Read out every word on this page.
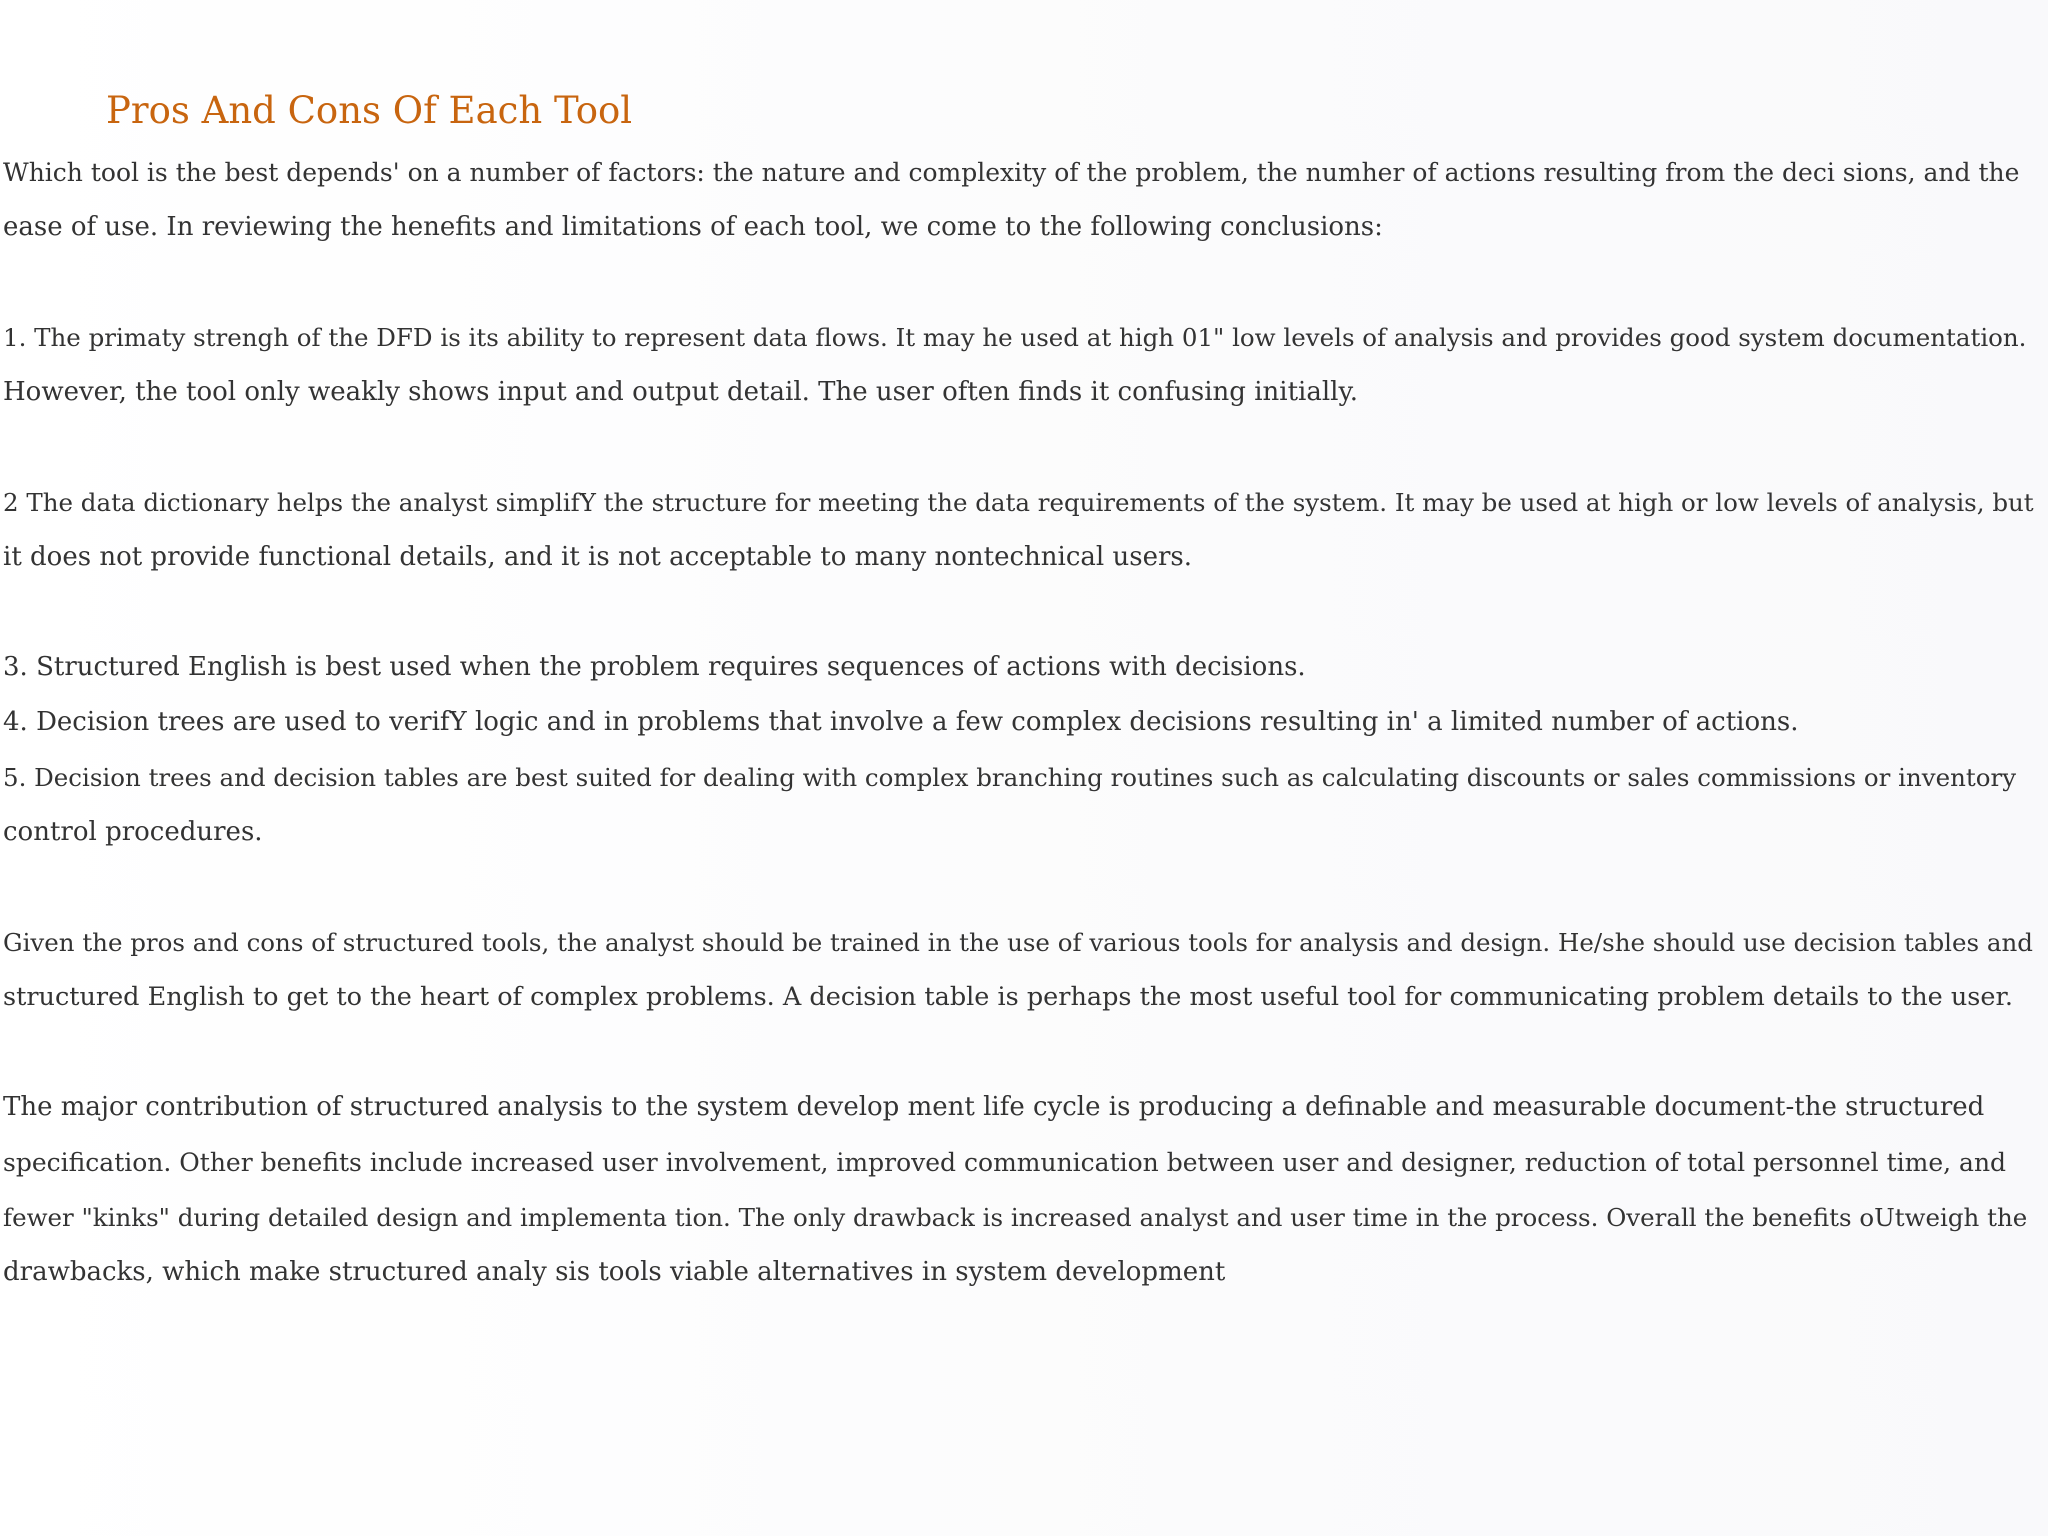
Pros And Cons Of Each Tool

Which tool is the best depends' on a number of factors: the nature and complexity of the problem, the numher of actions resulting from the deci sions, and the

ease of use. In reviewing the henefits and limitations of each tool, we come to the following conclusions:

1. The primaty strengh of the DFD is its ability to represent data flows. It may he used at high 01" low levels of analysis and provides good system documentation.

However, the tool only weakly shows input and output detail. The user often finds it confusing initially.

2 The data dictionary helps the analyst simplifY the structure for meeting the data requirements of the system. It may be used at high or low levels of analysis, but

it does not provide functional details, and it is not acceptable to many nontechnical users.

3. Structured English is best used when the problem requires sequences of actions with decisions.

4. Decision trees are used to verifY logic and in problems that involve a few complex decisions resulting in' a limited number of actions.

5. Decision trees and decision tables are best suited for dealing with complex branching routines such as calculating discounts or sales commissions or inventory

control procedures.

Given the pros and cons of structured tools, the analyst should be trained in the use of various tools for analysis and design. He/she should use decision tables and

structured English to get to the heart of complex problems. A decision table is perhaps the most useful tool for communicating problem details to the user.

The major contribution of structured analysis to the system develop ment life cycle is producing a definable and measurable document-the structured

specification. Other benefits include increased user involvement, improved communication between user and designer, reduction of total personnel time, and

fewer "kinks" during detailed design and implementa tion. The only drawback is increased analyst and user time in the process. Overall the benefits oUtweigh the

drawbacks, which make structured analy sis tools viable alternatives in system development
